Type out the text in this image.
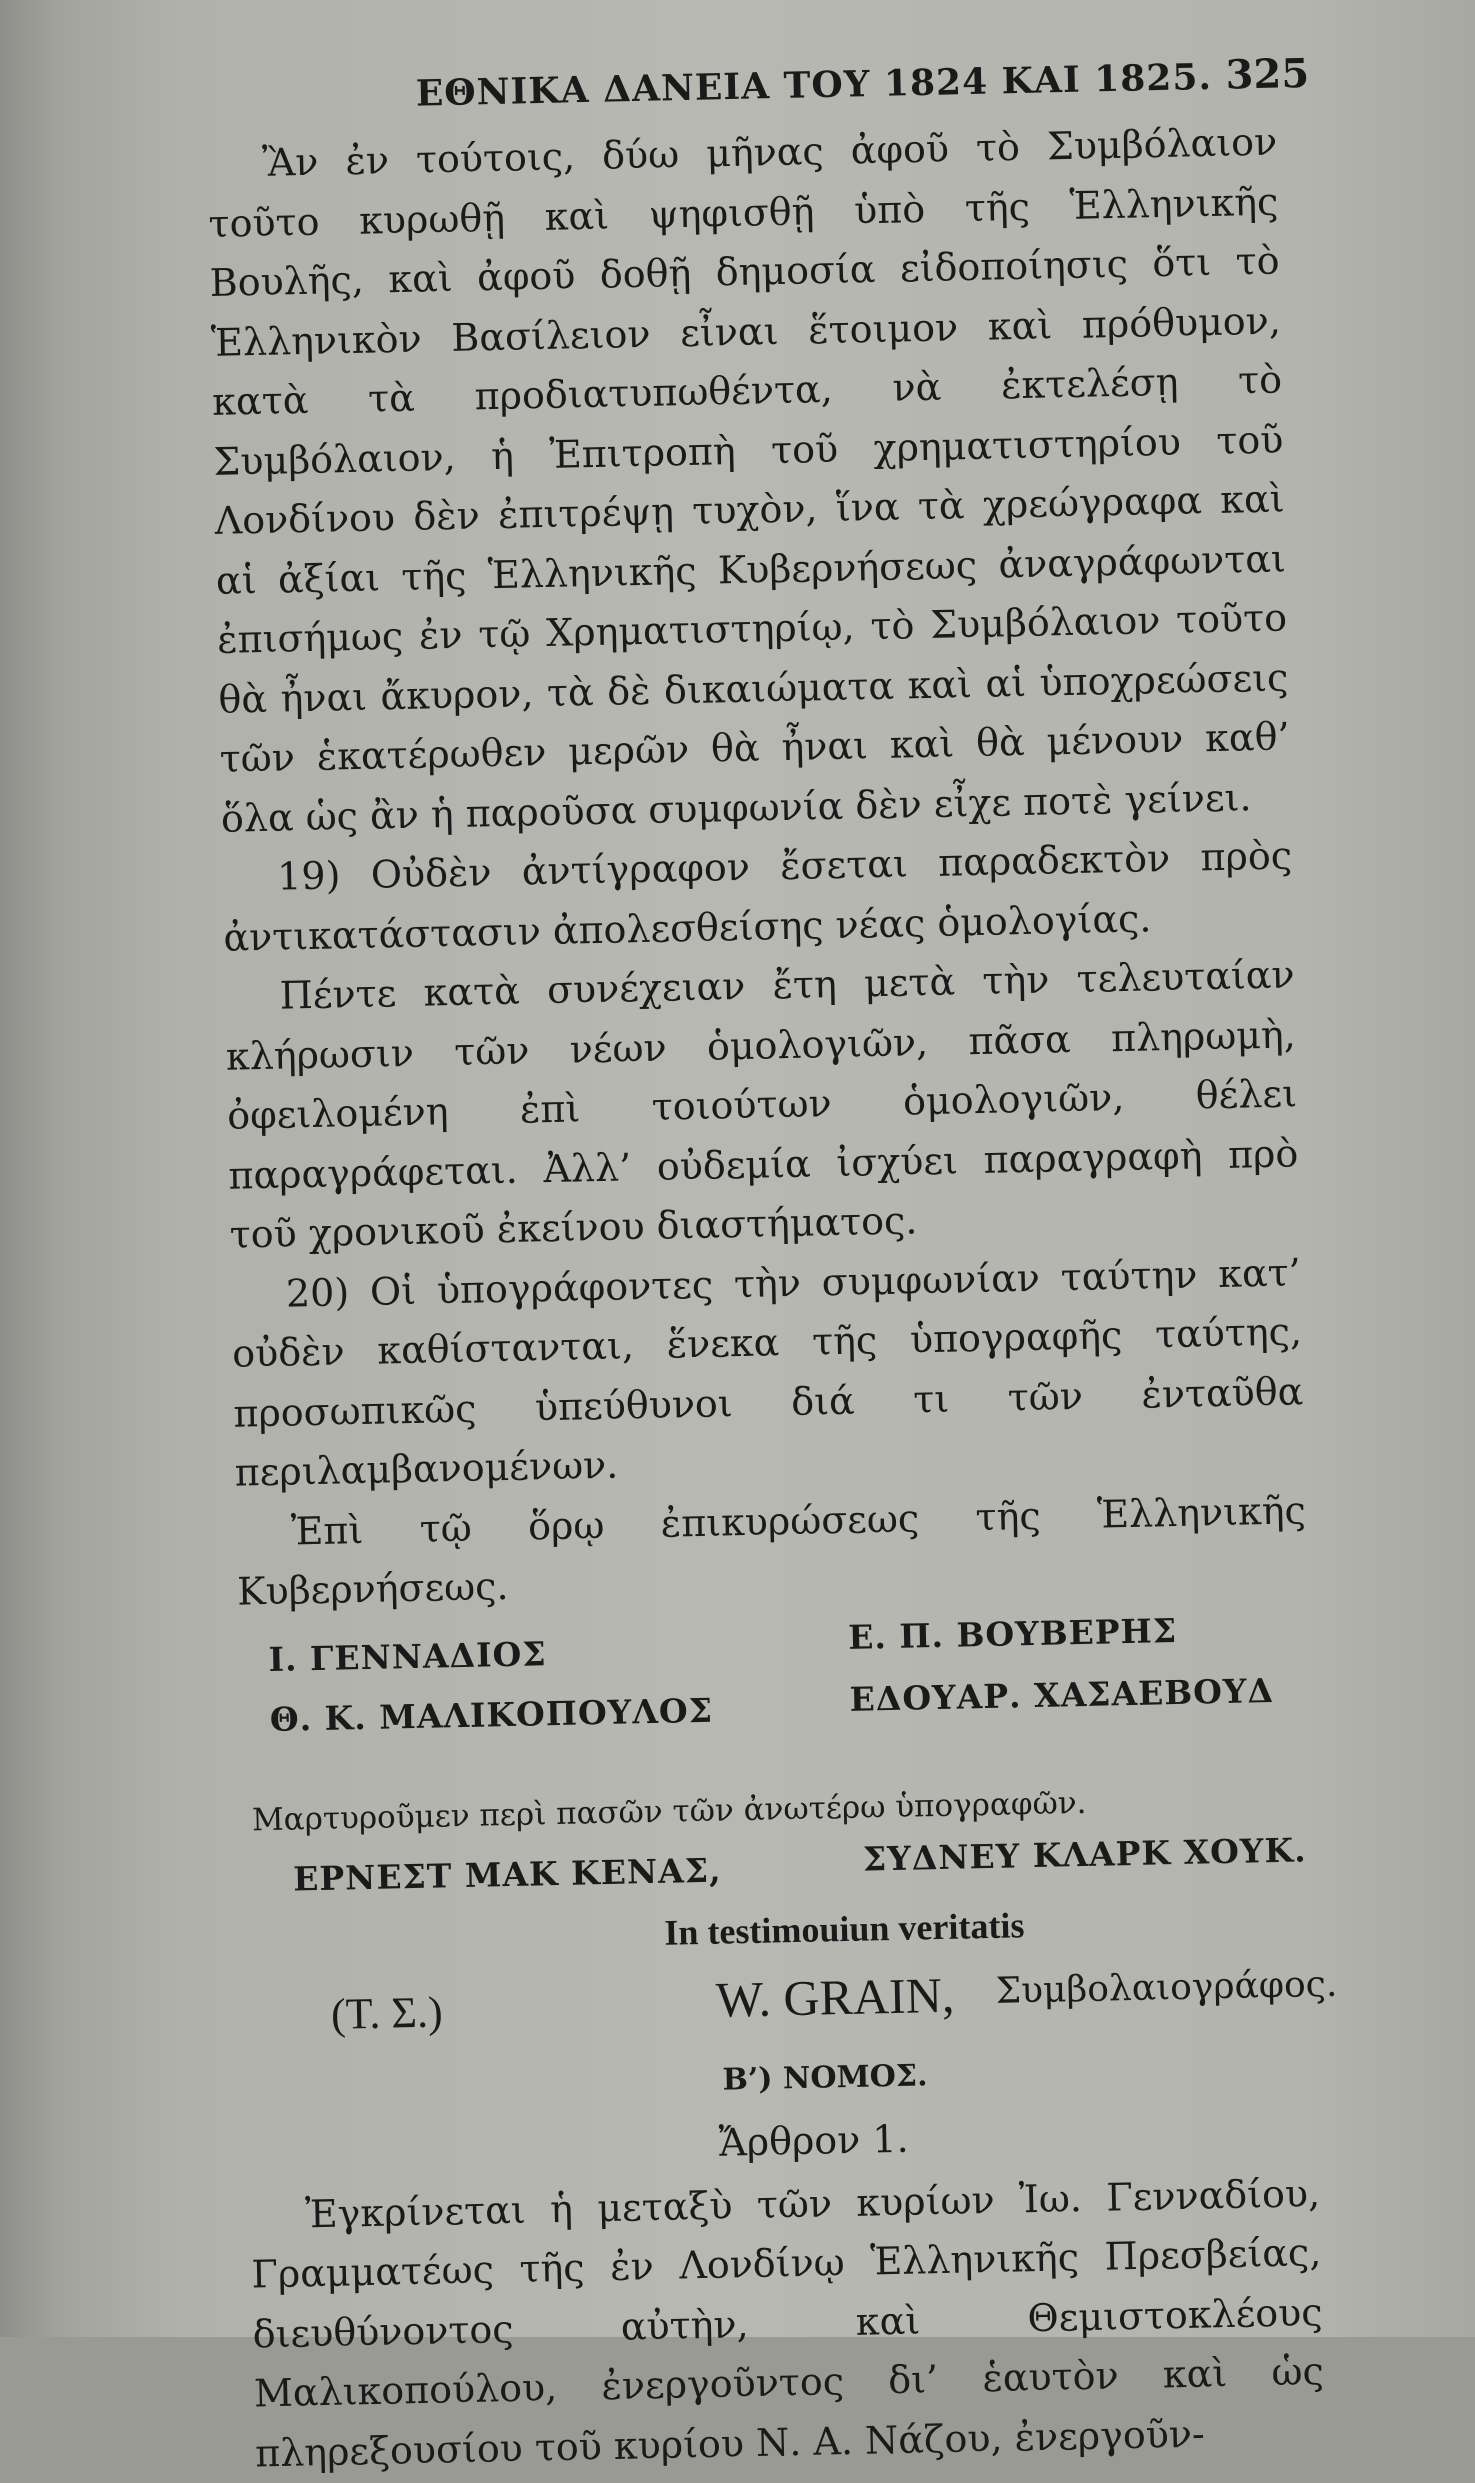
ΕΘΝΙΚΑ ΔΑΝΕΙΑ ΤΟΥ 1824 ΚΑΙ 1825. 325

Ἂν ἐν τούτοις, δύω μῆνας ἀφοῦ τὸ Συμβόλαιον τοῦτο κυρωθῇ καὶ ψηφισθῇ ὑπὸ τῆς Ἑλληνικῆς Βουλῆς, καὶ ἀφοῦ δοθῇ δημοσία εἰδοποίησις ὅτι τὸ Ἑλληνικὸν Βασίλειον εἶναι ἕτοιμον καὶ πρόθυμον, κατὰ τὰ προδιατυπωθέντα, νὰ ἐκτελέσῃ τὸ Συμβόλαιον, ἡ Ἐπιτροπὴ τοῦ χρηματιστηρίου τοῦ Λονδίνου δὲν ἐπιτρέψῃ τυχὸν, ἵνα τὰ χρεώγραφα καὶ αἱ ἀξίαι τῆς Ἑλληνικῆς Κυβερνήσεως ἀναγράφωνται ἐπισήμως ἐν τῷ Χρηματιστηρίῳ, τὸ Συμβόλαιον τοῦτο θὰ ἦναι ἄκυρον, τὰ δὲ δικαιώματα καὶ αἱ ὑποχρεώσεις τῶν ἑκατέρωθεν μερῶν θὰ ἦναι καὶ θὰ μένουν καθ’ ὅλα ὡς ἂν ἡ παροῦσα συμφωνία δὲν εἶχε ποτὲ γείνει.

19) Οὐδὲν ἀντίγραφον ἔσεται παραδεκτὸν πρὸς ἀντικατάστασιν ἀπολεσθείσης νέας ὁμολογίας.

Πέντε κατὰ συνέχειαν ἔτη μετὰ τὴν τελευταίαν κλήρωσιν τῶν νέων ὁμολογιῶν, πᾶσα πληρωμὴ, ὀφειλομένη ἐπὶ τοιούτων ὁμολογιῶν, θέλει παραγράφεται. Ἀλλ’ οὐδεμία ἰσχύει παραγραφὴ πρὸ τοῦ χρονικοῦ ἐκείνου διαστήματος.

20) Οἱ ὑπογράφοντες τὴν συμφωνίαν ταύτην κατ’ οὐδὲν καθίστανται, ἕνεκα τῆς ὑπογραφῆς ταύτης, προσωπικῶς ὑπεύθυνοι διά τι τῶν ἐνταῦθα περιλαμβανομένων.

Ἐπὶ τῷ ὅρῳ ἐπικυρώσεως τῆς Ἑλληνικῆς Κυβερνήσεως.

I. ΓΕΝΝΑΔΙΟΣ	Ε. Π. ΒΟΥΒΕΡΗΣ
Θ. Κ. ΜΑΛΙΚΟΠΟΥΛΟΣ	ΕΔΟΥΑΡ. ΧΑΣΑΕΒΟΥΔ

Μαρτυροῦμεν περὶ πασῶν τῶν ἀνωτέρω ὑπογραφῶν.

ΕΡΝΕΣΤ ΜΑΚ ΚΕΝΑΣ,	ΣΥΔΝΕΥ ΚΛΑΡΚ ΧΟΥΚ.
In testimouiun veritatis
(Τ. Σ.)	W. GRAIN, Συμβολαιογράφος.
Β’) ΝΟΜΟΣ.
Ἄρθρον 1.

Ἐγκρίνεται ἡ μεταξὺ τῶν κυρίων Ἰω. Γενναδίου, Γραμματέως τῆς ἐν Λονδίνῳ Ἑλληνικῆς Πρεσβείας, διευθύνοντος αὐτὴν, καὶ Θεμιστοκλέους Μαλικοπούλου, ἐνεργοῦντος δι’ ἑαυτὸν καὶ ὡς πληρεξουσίου τοῦ κυρίου Ν. Α. Νάζου, ἐνεργοῦν-
